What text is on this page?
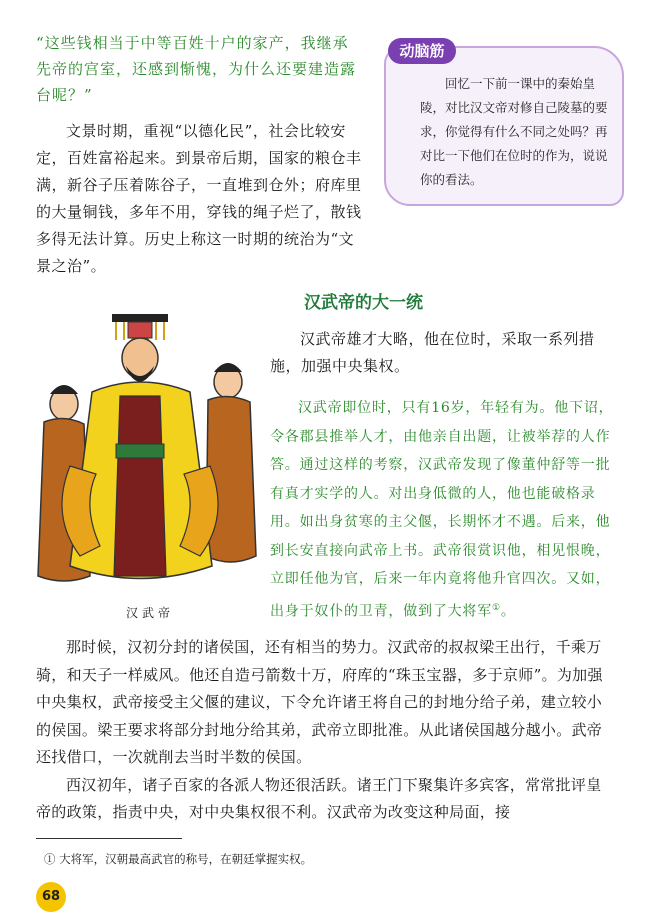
“这些钱相当于中等百姓十户的家产，我继承先帝的宫室，还感到惭愧，为什么还要建造露台呢？”
文景时期，重视“以德化民”，社会比较安定，百姓富裕起来。到景帝后期，国家的粮仓丰满，新谷子压着陈谷子，一直堆到仓外；府库里的大量铜钱，多年不用，穿钱的绳子烂了，散钱多得无法计算。历史上称这一时期的统治为“文景之治”。
动脑筋
回忆一下前一课中的秦始皇陵，对比汉文帝对修自己陵墓的要求，你觉得有什么不同之处吗？再对比一下他们在位时的作为，说说你的看法。
汉武帝的大一统
汉武帝雄才大略，他在位时，采取一系列措施，加强中央集权。
汉武帝即位时，只有16岁，年轻有为。他下诏，令各郡县推举人才，由他亲自出题，让被举荐的人作答。通过这样的考察，汉武帝发现了像董仲舒等一批有真才实学的人。对出身低微的人，他也能破格录用。如出身贫寒的主父偃，长期怀才不遇。后来，他到长安直接向武帝上书。武帝很赏识他，相见恨晚，立即任他为官，后来一年内竟将他升官四次。又如，出身于奴仆的卫青，做到了大将军①。
汉武帝
那时候，汉初分封的诸侯国，还有相当的势力。汉武帝的叔叔梁王出行，千乘万骑，和天子一样威风。他还自造弓箭数十万，府库的“珠玉宝器，多于京师”。为加强中央集权，武帝接受主父偃的建议，下令允许诸王将自己的封地分给子弟，建立较小的侯国。梁王要求将部分封地分给其弟，武帝立即批准。从此诸侯国越分越小。武帝还找借口，一次就削去当时半数的侯国。
西汉初年，诸子百家的各派人物还很活跃。诸王门下聚集许多宾客，常常批评皇帝的政策，指责中央，对中央集权很不利。汉武帝为改变这种局面，接
① 大将军，汉朝最高武官的称号，在朝廷掌握实权。
68
